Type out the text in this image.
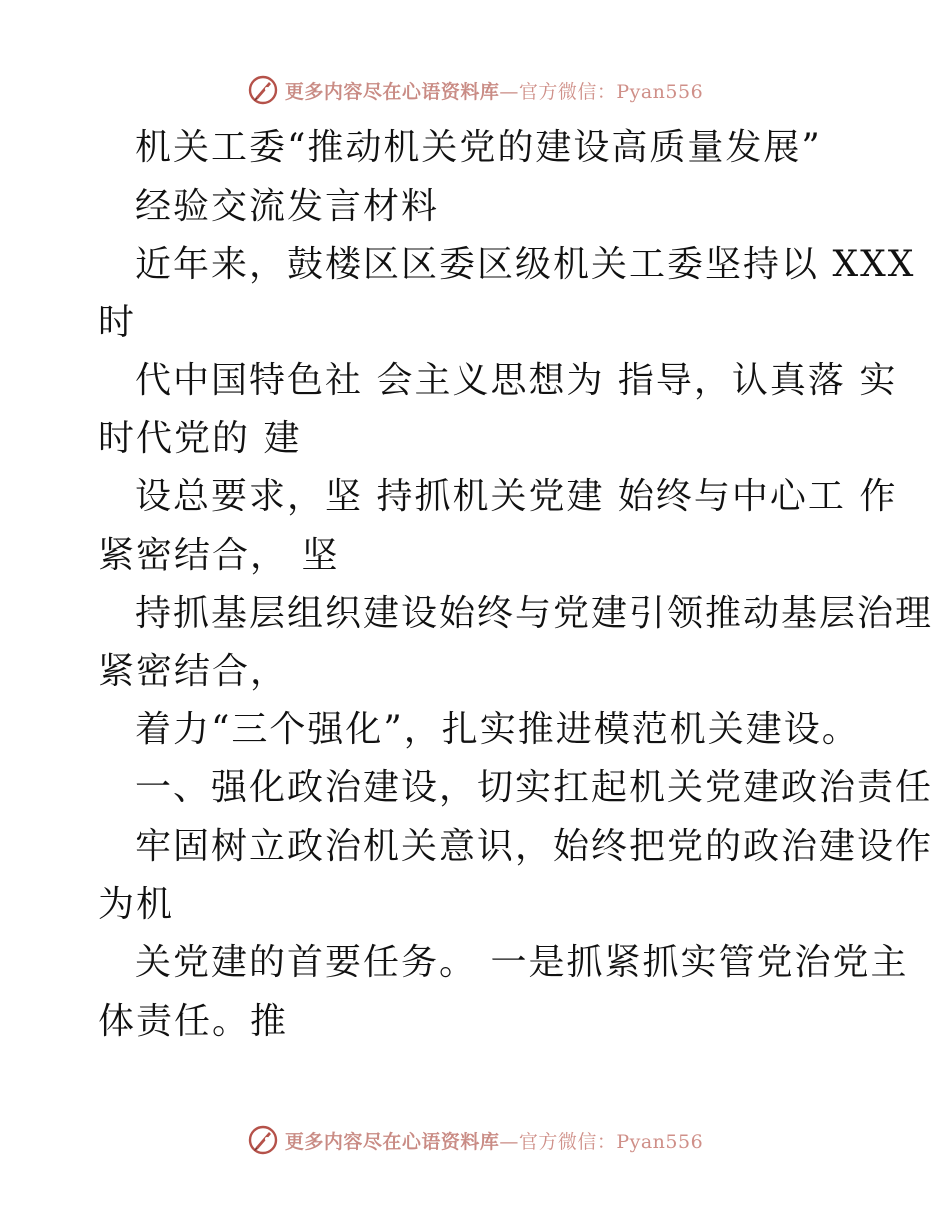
更多内容尽在心语资料库—官方微信：Pyan556
机关工委“推动机关党的建设高质量发展”
经验交流发言材料
近年来，鼓楼区区委区级机关工委坚持以 XXX
时
代中国特色社 会主义思想为 指导，认真落 实
时代党的 建
设总要求，坚 持抓机关党建 始终与中心工 作
紧密结合， 坚
持抓基层组织建设始终与党建引领推动基层治理
紧密结合，
着力“三个强化”，扎实推进模范机关建设。
一、强化政治建设，切实扛起机关党建政治责任
牢固树立政治机关意识，始终把党的政治建设作
为机
关党建的首要任务。 一是抓紧抓实管党治党主
体责任。推
更多内容尽在心语资料库—官方微信：Pyan556
